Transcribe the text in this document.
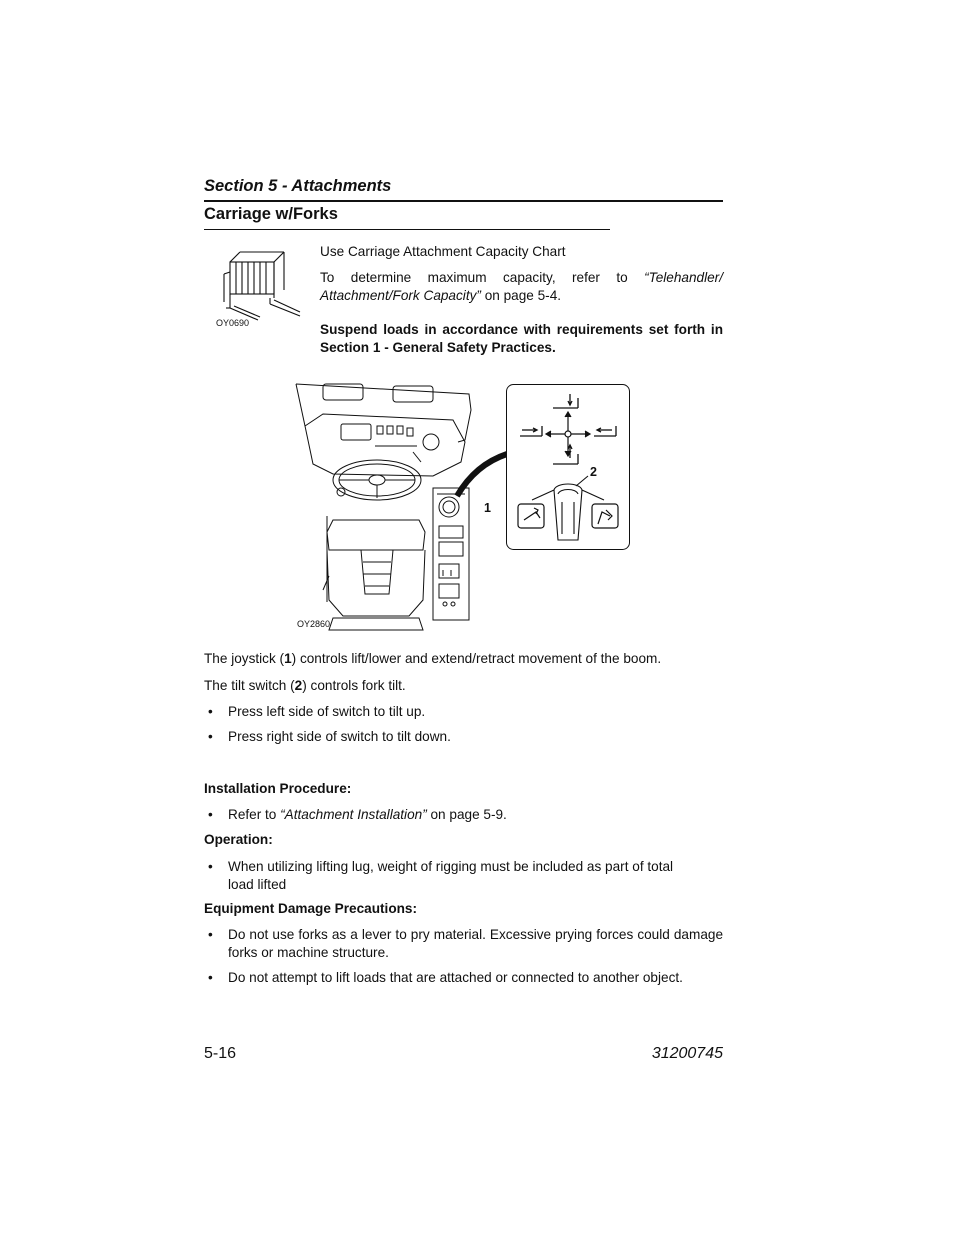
Section 5 - Attachments
Carriage w/Forks
OY0690
Use Carriage Attachment Capacity Chart
To determine maximum capacity, refer to “Telehandler/ Attachment/Fork Capacity” on page 5-4.
Suspend loads in accordance with requirements set forth in Section 1 - General Safety Practices.
OY2860
2
1
The joystick (1) controls lift/lower and extend/retract movement of the boom.
The tilt switch (2) controls fork tilt.
• Press left side of switch to tilt up.
• Press right side of switch to tilt down.
Installation Procedure:
• Refer to “Attachment Installation” on page 5-9.
Operation:
• When utilizing lifting lug, weight of rigging must be included as part of total
load lifted
Equipment Damage Precautions:
• Do not use forks as a lever to pry material. Excessive prying forces could damage forks or machine structure.
• Do not attempt to lift loads that are attached or connected to another object.
5-16	31200745
